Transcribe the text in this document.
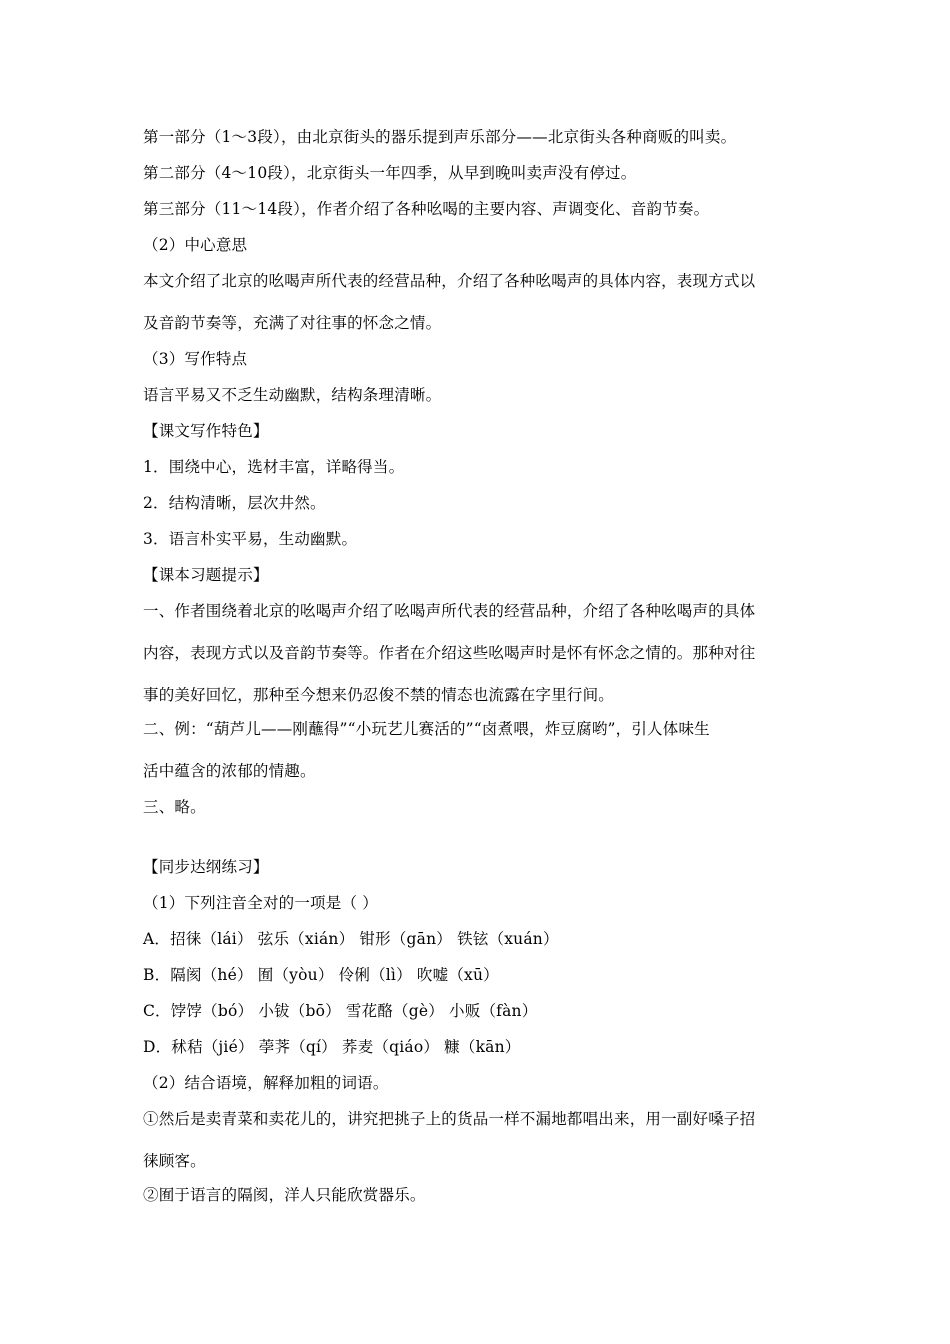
第一部分（1～3段），由北京街头的器乐提到声乐部分——北京街头各种商贩的叫卖。
第二部分（4～10段），北京街头一年四季，从早到晚叫卖声没有停过。
第三部分（11～14段），作者介绍了各种吆喝的主要内容、声调变化、音韵节奏。
（2）中心意思
本文介绍了北京的吆喝声所代表的经营品种，介绍了各种吆喝声的具体内容，表现方式以
及音韵节奏等，充满了对往事的怀念之情。
（3）写作特点
语言平易又不乏生动幽默，结构条理清晰。
【课文写作特色】
1．围绕中心，选材丰富，详略得当。
2．结构清晰，层次井然。
3．语言朴实平易，生动幽默。
【课本习题提示】
一、作者围绕着北京的吆喝声介绍了吆喝声所代表的经营品种，介绍了各种吆喝声的具体
内容，表现方式以及音韵节奏等。作者在介绍这些吆喝声时是怀有怀念之情的。那种对往
事的美好回忆，那种至今想来仍忍俊不禁的情态也流露在字里行间。
二、例：“葫芦儿——刚蘸得”“小玩艺儿赛活的”“卤煮喂，炸豆腐哟”，引人体味生
活中蕴含的浓郁的情趣。
三、略。
【同步达纲练习】
（1）下列注音全对的一项是（ ）
A．招徕（lái） 弦乐（xián） 钳形（gān） 铁铉（xuán）
B．隔阂（hé） 囿（yòu） 伶俐（lì） 吹嘘（xū）
C．饽饽（bó） 小钹（bō） 雪花酪（gè） 小贩（fàn）
D．秫秸（jié） 荸荠（qí） 荞麦（qiáo） 糠（kān）
（2）结合语境，解释加粗的词语。
①然后是卖青菜和卖花儿的，讲究把挑子上的货品一样不漏地都唱出来，用一副好嗓子招
徕顾客。
②囿于语言的隔阂，洋人只能欣赏器乐。
